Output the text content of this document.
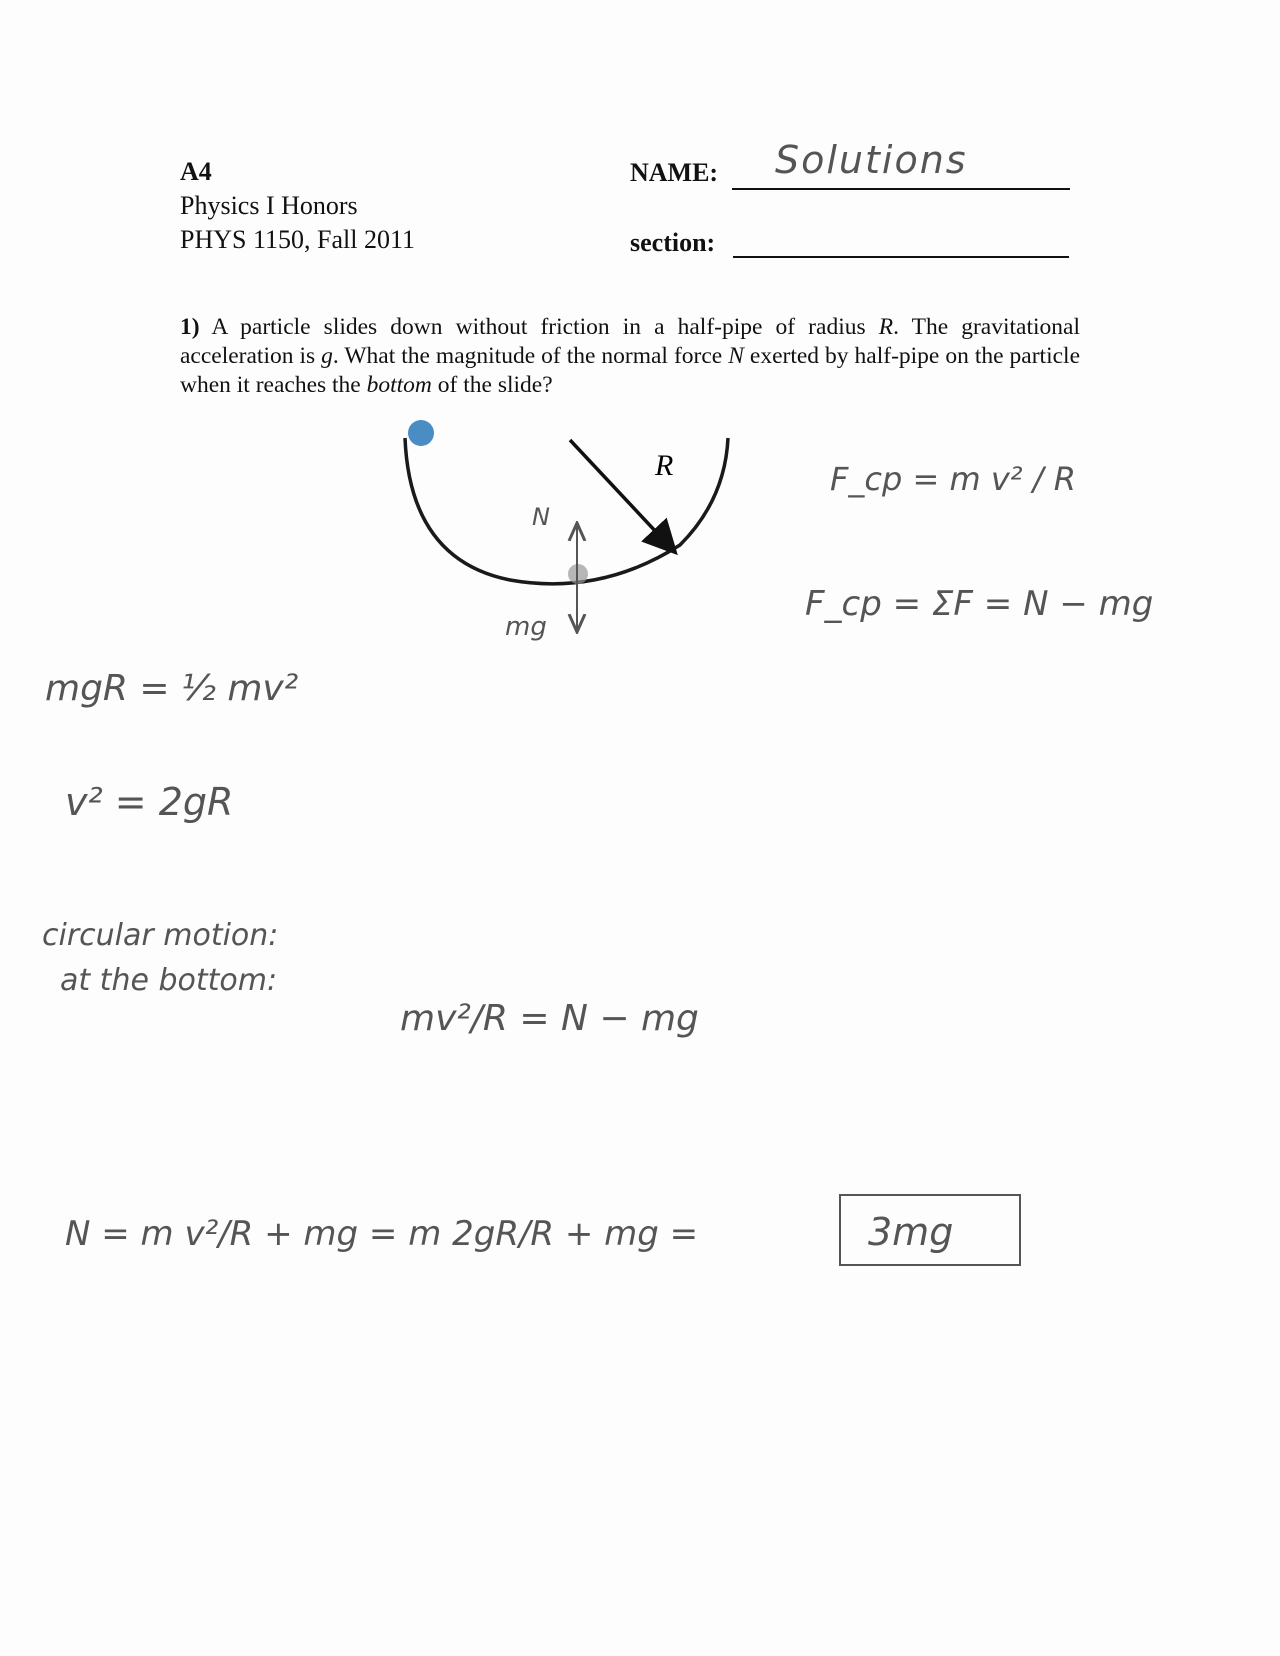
A4
Physics I Honors
PHYS 1150, Fall 2011
NAME:	Solutions
section:
1) A particle slides down without friction in a half-pipe of radius R. The gravitational acceleration is g. What the magnitude of the normal force N exerted by half-pipe on the particle when it reaches the bottom of the slide?
R
N
mg
F_cp = m v² / R
F_cp = ΣF = N − mg
mgR = ½ mv²
v² = 2gR
circular motion:
at the bottom:
mv²/R = N − mg
N = m v²/R + mg = m 2gR/R + mg =	3mg
